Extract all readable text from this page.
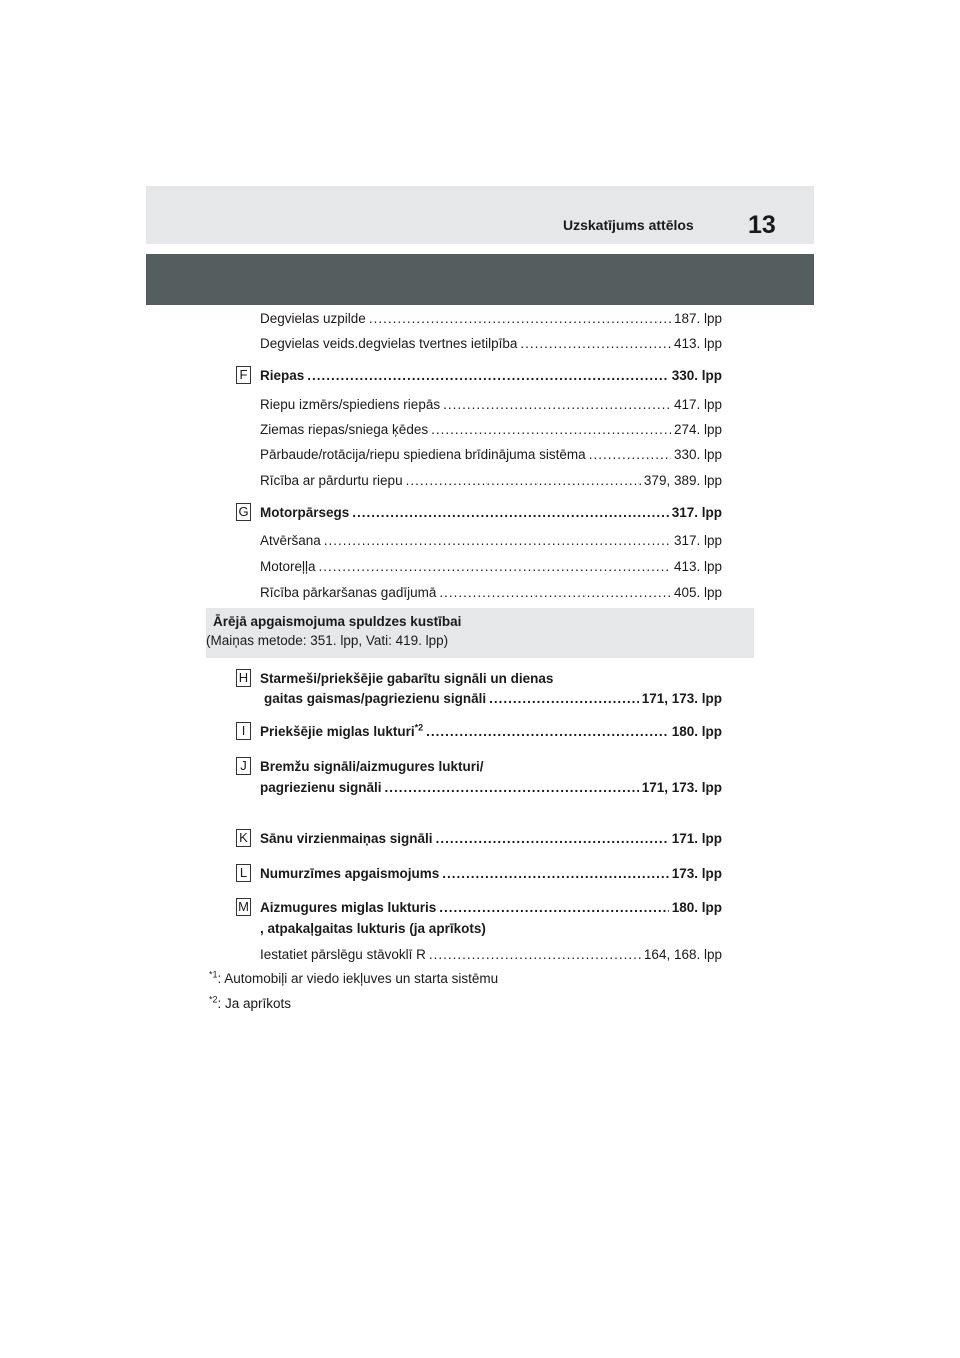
Uzskatījums attēlos 13
Degvielas uzpilde .....	187. lpp
Degvielas veids.degvielas tvertnes ietilpība .....	413. lpp
F Riepas .....	330. lpp
Riepu izmērs/spiediens riepās .....	417. lpp
Ziemas riepas/sniega ķēdes .....	274. lpp
Pārbaude/rotācija/riepu spiediena brīdinājuma sistēma .....	330. lpp
Rīcība ar pārdurtu riepu .....	379, 389. lpp
G Motorpārsegs .....	317. lpp
Atvēršana .....	317. lpp
Motoreļļa .....	413. lpp
Rīcība pārkaršanas gadījumā .....	405. lpp
Ārējā apgaismojuma spuldzes kustībai
(Maiņas metode: 351. lpp, Vati: 419. lpp)
H Starmeši/priekšējie gabarītu signāli un dienas
gaitas gaismas/pagriezienu signāli .....	171, 173. lpp
I	Priekšējie miglas lukturi$^{*2}$ .....	180. lpp
J Bremžu signāli/aizmugures lukturi/
pagriezienu signāli .....	171, 173. lpp
K Sānu virzienmaiņas signāli .....	171. lpp
L Numurzīmes apgaismojums .....	173. lpp
M Aizmugures miglas lukturis .....	180. lpp
, atpakaļgaitas lukturis (ja aprīkots)
Iestatiet pārslēgu stāvoklī R .....	164, 168. lpp
$^{*1}$: Automobiļi ar viedo iekļuves un starta sistēmu
$^{*2}$: Ja aprīkots
